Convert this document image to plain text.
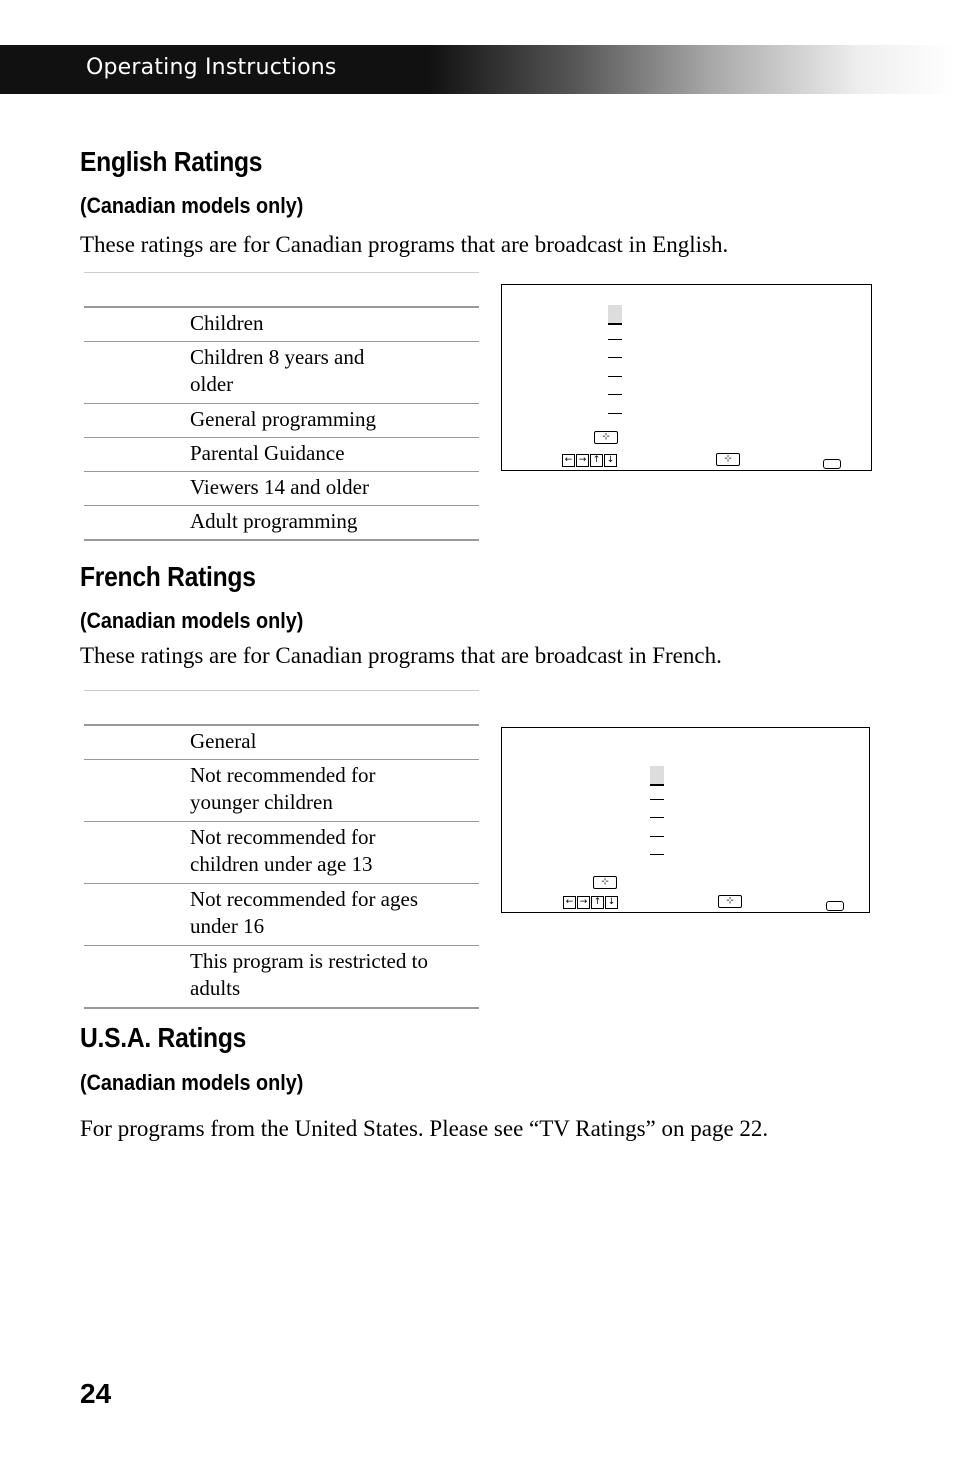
Operating Instructions
English Ratings
(Canadian models only)
These ratings are for Canadian programs that are broadcast in English.

	Children
	Children 8 years and older
	General programming
	Parental Guidance
	Viewers 14 and older
	Adult programming
⊹
← → ↑ ↓	⊹
French Ratings
(Canadian models only)
These ratings are for Canadian programs that are broadcast in French.

	General
	Not recommended for younger children
	Not recommended for children under age 13
	Not recommended for ages under 16
	This program is restricted to adults
⊹
← → ↑ ↓	⊹
U.S.A. Ratings
(Canadian models only)
For programs from the United States. Please see “TV Ratings” on page 22.
24
